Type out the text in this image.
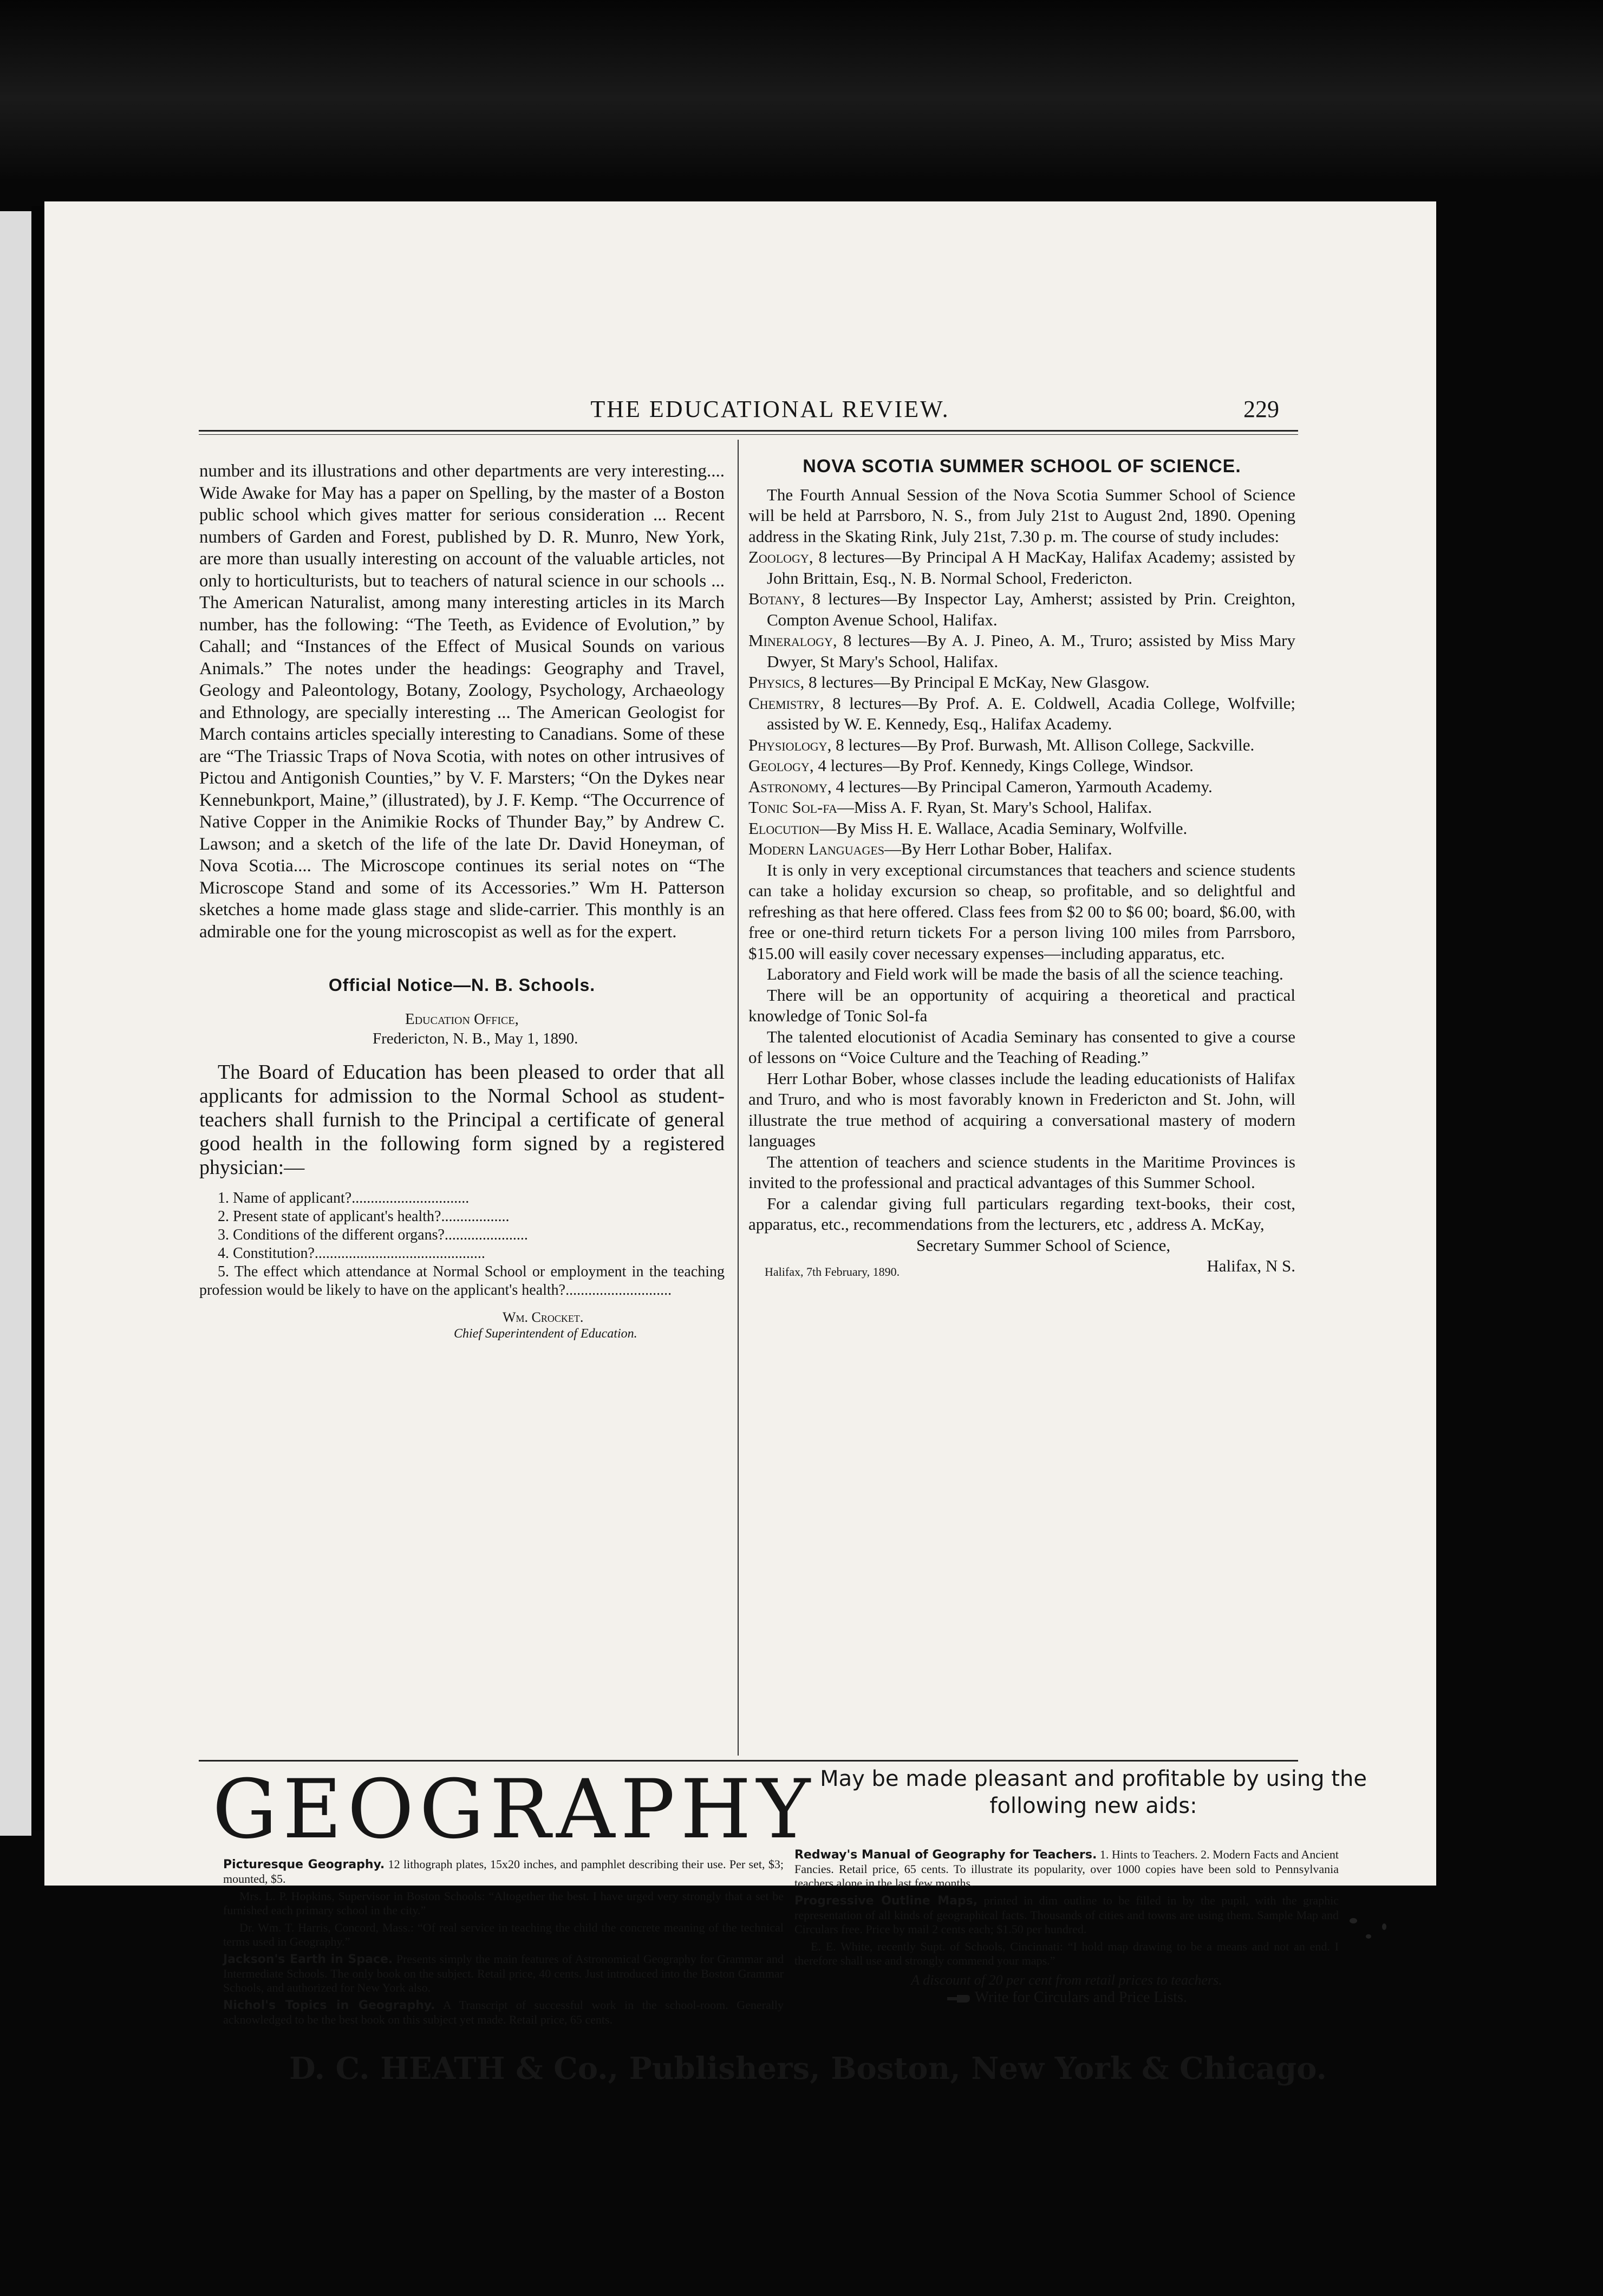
THE EDUCATIONAL REVIEW.	229

number and its illustrations and other departments are very interesting.... Wide Awake for May has a paper on Spelling, by the master of a Boston public school which gives matter for serious consideration ... Recent numbers of Garden and Forest, published by D. R. Munro, New York, are more than usually interesting on account of the valuable articles, not only to horticulturists, but to teachers of natural science in our schools ... The American Naturalist, among many interesting articles in its March number, has the following: “The Teeth, as Evidence of Evolution,” by Cahall; and “Instances of the Effect of Musical Sounds on various Animals.” The notes under the headings: Geography and Travel, Geology and Paleontology, Botany, Zoology, Psychology, Archaeology and Ethnology, are specially interesting ... The American Geologist for March contains articles specially interesting to Canadians. Some of these are “The Triassic Traps of Nova Scotia, with notes on other intrusives of Pictou and Antigonish Counties,” by V. F. Marsters; “On the Dykes near Kennebunkport, Maine,” (illustrated), by J. F. Kemp. “The Occurrence of Native Copper in the Animikie Rocks of Thunder Bay,” by Andrew C. Lawson; and a sketch of the life of the late Dr. David Honeyman, of Nova Scotia.... The Microscope continues its serial notes on “The Microscope Stand and some of its Accessories.” Wm H. Patterson sketches a home made glass stage and slide-carrier. This monthly is an admirable one for the young microscopist as well as for the expert.

Official Notice—N. B. Schools.
Education Office,
Fredericton, N. B., May 1, 1890.

The Board of Education has been pleased to order that all applicants for admission to the Normal School as student-teachers shall furnish to the Principal a certificate of general good health in the following form signed by a registered physician:—

1. Name of applicant?...............................

2. Present state of applicant's health?..................

3. Conditions of the different organs?......................

4. Constitution?.............................................

5. The effect which attendance at Normal School or employment in the teaching profession would be likely to have on the applicant's health?............................

Wm. Crocket.
Chief Superintendent of Education.
NOVA SCOTIA SUMMER SCHOOL OF SCIENCE.

The Fourth Annual Session of the Nova Scotia Summer School of Science will be held at Parrsboro, N. S., from July 21st to August 2nd, 1890. Opening address in the Skating Rink, July 21st, 7.30 p. m. The course of study includes:

Zoology, 8 lectures—By Principal A H MacKay, Halifax Academy; assisted by John Brittain, Esq., N. B. Normal School, Fredericton.

Botany, 8 lectures—By Inspector Lay, Amherst; assisted by Prin. Creighton, Compton Avenue School, Halifax.

Mineralogy, 8 lectures—By A. J. Pineo, A. M., Truro; assisted by Miss Mary Dwyer, St Mary's School, Halifax.

Physics, 8 lectures—By Principal E McKay, New Glasgow.

Chemistry, 8 lectures—By Prof. A. E. Coldwell, Acadia College, Wolfville; assisted by W. E. Kennedy, Esq., Halifax Academy.

Physiology, 8 lectures—By Prof. Burwash, Mt. Allison College, Sackville.

Geology, 4 lectures—By Prof. Kennedy, Kings College, Windsor.

Astronomy, 4 lectures—By Principal Cameron, Yarmouth Academy.

Tonic Sol-fa—Miss A. F. Ryan, St. Mary's School, Halifax.

Elocution—By Miss H. E. Wallace, Acadia Seminary, Wolfville.

Modern Languages—By Herr Lothar Bober, Halifax.

It is only in very exceptional circumstances that teachers and science students can take a holiday excursion so cheap, so profitable, and so delightful and refreshing as that here offered. Class fees from $2 00 to $6 00; board, $6.00, with free or one-third return tickets For a person living 100 miles from Parrsboro, $15.00 will easily cover necessary expenses—including apparatus, etc.

Laboratory and Field work will be made the basis of all the science teaching.

There will be an opportunity of acquiring a theoretical and practical knowledge of Tonic Sol-fa

The talented elocutionist of Acadia Seminary has consented to give a course of lessons on “Voice Culture and the Teaching of Reading.”

Herr Lothar Bober, whose classes include the leading educationists of Halifax and Truro, and who is most favorably known in Fredericton and St. John, will illustrate the true method of acquiring a conversational mastery of modern languages

The attention of teachers and science students in the Maritime Provinces is invited to the professional and practical advantages of this Summer School.

For a calendar giving full particulars regarding text-books, their cost, apparatus, etc., recommendations from the lecturers, etc , address A. McKay,

Secretary Summer School of Science,
Halifax, N S.
Halifax, 7th February, 1890.
GEOGRAPHY May be made pleasant and profitable by using the following new aids:

Picturesque Geography. 12 lithograph plates, 15x20 inches, and pamphlet describing their use. Per set, $3; mounted, $5.

Mrs. L. P. Hopkins, Supervisor in Boston Schools: “Altogether the best. I have urged very strongly that a set be furnished each primary school in the city.”

Dr. Wm. T. Harris, Concord, Mass.: “Of real service in teaching the child the concrete meaning of the technical terms used in Geography.”

Jackson's Earth in Space. Presents simply the main features of Astronomical Geography for Grammar and Intermediate Schools. The only book on the subject. Retail price, 40 cents. Just introduced into the Boston Grammar Schools, and authorized for New York also.

Nichol's Topics in Geography. A Transcript of successful work in the school-room. Generally acknowledged to be the best book on this subject yet made. Retail price, 65 cents.

Redway's Manual of Geography for Teachers. 1. Hints to Teachers. 2. Modern Facts and Ancient Fancies. Retail price, 65 cents. To illustrate its popularity, over 1000 copies have been sold to Pennsylvania teachers alone in the last few months.

Progressive Outline Maps, printed in dim outline to be filled in by the pupil, with the graphic representation of all kinds of geographical facts. Thousands of cities and towns are using them. Sample Map and Circulars free. Price by mail 2 cents each; $1.50 per hundred.

E. E. White, recently Supt. of Schools, Cincinnati: “I hold map drawing to be a means and not an end. I therefore shall use and strongly commend your maps.”

A discount of 20 per cent from retail prices to teachers.

Write for Circulars and Price Lists.

D. C. HEATH & Co., Publishers, Boston, New York & Chicago.
